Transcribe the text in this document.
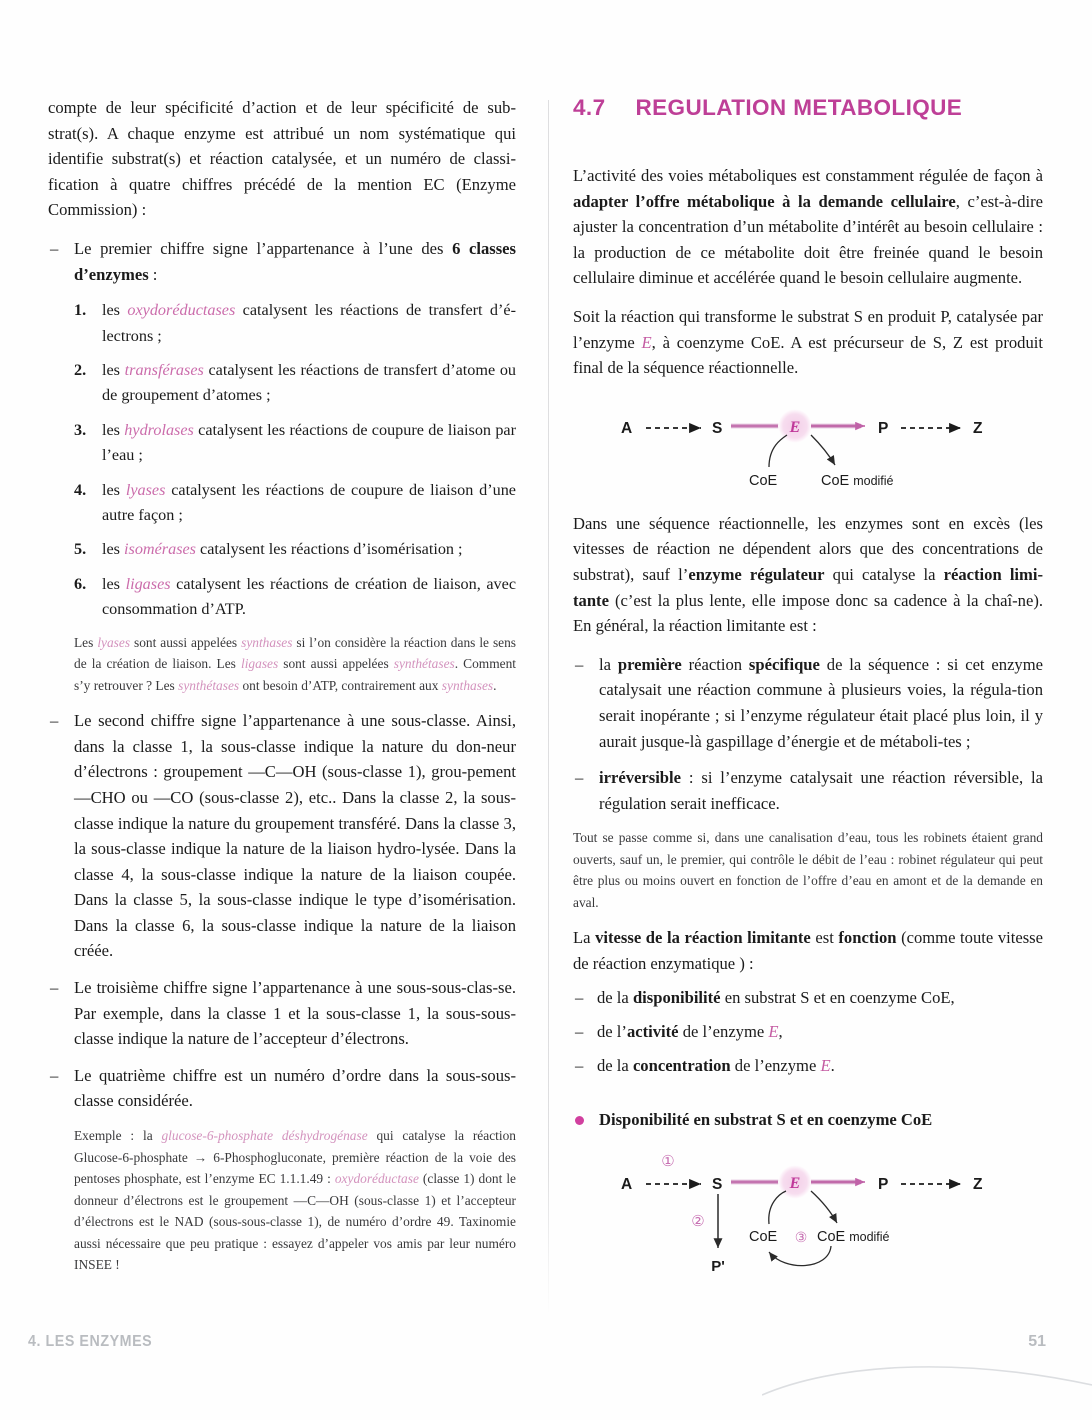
compte de leur spécificité d’action et de leur spécificité de sub-strat(s). A chaque enzyme est attribué un nom systématique qui identifie substrat(s) et réaction catalysée, et un numéro de classi-fication à quatre chiffres précédé de la mention EC (Enzyme Commission) :

– Le premier chiffre signe l’appartenance à l’une des 6 classes d’enzymes :
1. les oxydoréductases catalysent les réactions de transfert d’é-lectrons ;
2. les transférases catalysent les réactions de transfert d’atome ou de groupement d’atomes ;
3. les hydrolases catalysent les réactions de coupure de liaison par l’eau ;
4. les lyases catalysent les réactions de coupure de liaison d’une autre façon ;
5. les isomérases catalysent les réactions d’isomérisation ;
6. les ligases catalysent les réactions de création de liaison, avec consommation d’ATP.

Les lyases sont aussi appelées synthases si l’on considère la réaction dans le sens de la création de liaison. Les ligases sont aussi appelées synthétases. Comment s’y retrouver ? Les synthétases ont besoin d’ATP, contrairement aux synthases.

– Le second chiffre signe l’appartenance à une sous-classe. Ainsi, dans la classe 1, la sous-classe indique la nature du don-neur d’électrons : groupement —C—OH (sous-classe 1), grou-pement —CHO ou —CO (sous-classe 2), etc.. Dans la classe 2, la sous-classe indique la nature du groupement transféré. Dans la classe 3, la sous-classe indique la nature de la liaison hydro-lysée. Dans la classe 4, la sous-classe indique la nature de la liaison coupée. Dans la classe 5, la sous-classe indique le type d’isomérisation. Dans la classe 6, la sous-classe indique la nature de la liaison créée.
– Le troisième chiffre signe l’appartenance à une sous-sous-clas-se. Par exemple, dans la classe 1 et la sous-classe 1, la sous-sous-classe indique la nature de l’accepteur d’électrons.
– Le quatrième chiffre est un numéro d’ordre dans la sous-sous-classe considérée.

Exemple : la glucose-6-phosphate déshydrogénase qui catalyse la réaction Glucose-6-phosphate → 6-Phosphogluconate, première réaction de la voie des pentoses phosphate, est l’enzyme EC 1.1.1.49 : oxydoréductase (classe 1) dont le donneur d’électrons est le groupement —C—OH (sous-classe 1) et l’accepteur d’électrons est le NAD (sous-sous-classe 1), de numéro d’ordre 49. Taxinomie aussi nécessaire que peu pratique : essayez d’appeler vos amis par leur numéro INSEE !

4.7 REGULATION METABOLIQUE

L’activité des voies métaboliques est constamment régulée de façon à adapter l’offre métabolique à la demande cellulaire, c’est-à-dire ajuster la concentration d’un métabolite d’intérêt au besoin cellulaire : la production de ce métabolite doit être freinée quand le besoin cellulaire diminue et accélérée quand le besoin cellulaire augmente.

Soit la réaction qui transforme le substrat S en produit P, catalysée par l’enzyme E, à coenzyme CoE. A est précurseur de S, Z est produit final de la séquence réactionnelle.

A	S	E	P	Z
CoE	CoE modifié

Dans une séquence réactionnelle, les enzymes sont en excès (les vitesses de réaction ne dépendent alors que des concentrations de substrat), sauf l’enzyme régulateur qui catalyse la réaction limi-tante (c’est la plus lente, elle impose donc sa cadence à la chaî-ne). En général, la réaction limitante est :

– la première réaction spécifique de la séquence : si cet enzyme catalysait une réaction commune à plusieurs voies, la régula-tion serait inopérante ; si l’enzyme régulateur était placé plus loin, il y aurait jusque-là gaspillage d’énergie et de métaboli-tes ;
– irréversible : si l’enzyme catalysait une réaction réversible, la régulation serait inefficace.

Tout se passe comme si, dans une canalisation d’eau, tous les robinets étaient grand ouverts, sauf un, le premier, qui contrôle le débit de l’eau : robinet régulateur qui peut être plus ou moins ouvert en fonction de l’offre d’eau en amont et de la demande en aval.

La vitesse de la réaction limitante est fonction (comme toute vitesse de réaction enzymatique ) :

– de la disponibilité en substrat S et en coenzyme CoE,
– de l’activité de l’enzyme E,
– de la concentration de l’enzyme E.
Disponibilité en substrat S et en coenzyme CoE
A
①
S	E	P	Z
②
P'
CoE ③ CoE modifié
4. LES ENZYMES	51
